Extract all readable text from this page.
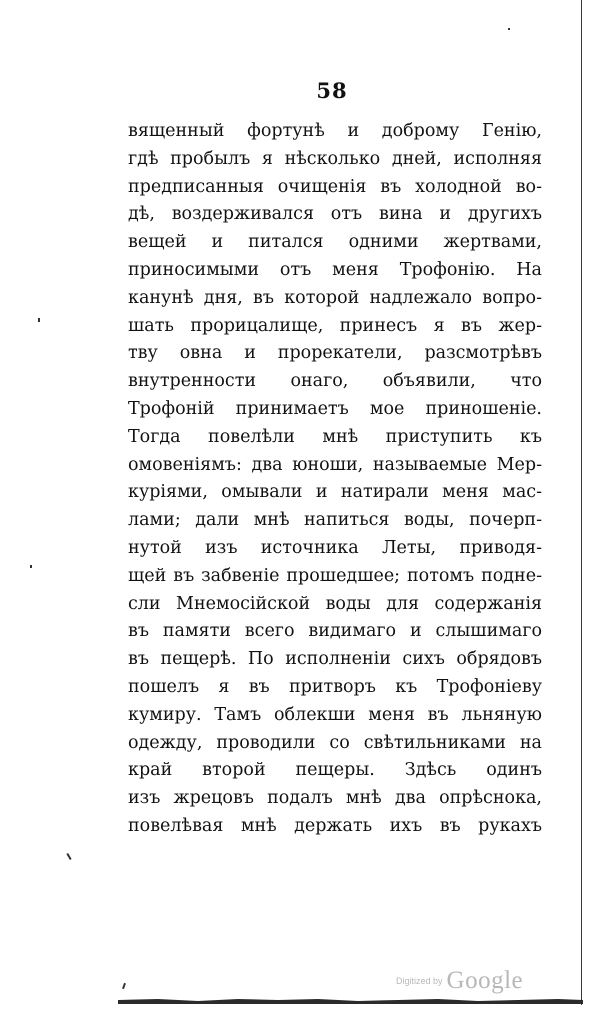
58
вященный фортунѣ и доброму Генію,
гдѣ пробылъ я нѣсколько дней, исполняя
предписанныя очищенія въ холодной во-
дѣ, воздерживался отъ вина и другихъ
вещей и питался одними жертвами,
приносимыми отъ меня Трофонію. На
канунѣ дня, въ которой надлежало вопро-
шать прорицалище, принесъ я въ жер-
тву овна и прорекатели, разсмотрѣвъ
внутренности онаго, объявили, что
Трофоній принимаетъ мое приношеніе.
Тогда повелѣли мнѣ приступить къ
омовеніямъ: два юноши, называемые Мер-
куріями, омывали и натирали меня мас-
лами; дали мнѣ напиться воды, почерп-
нутой изъ источника Леты, приводя-
щей въ забвеніе прошедшее; потомъ подне-
сли Мнемосійской воды для содержанія
въ памяти всего видимаго и слышимаго
въ пещерѣ. По исполненіи сихъ обрядовъ
пошелъ я въ притворъ къ Трофоніеву
кумиру. Тамъ облекши меня въ льняную
одежду, проводили со свѣтильниками на
край второй пещеры. Здѣсь одинъ
изъ жрецовъ подалъ мнѣ два опрѣснока,
повелѣвая мнѣ держать ихъ въ рукахъ
Digitized by Google
